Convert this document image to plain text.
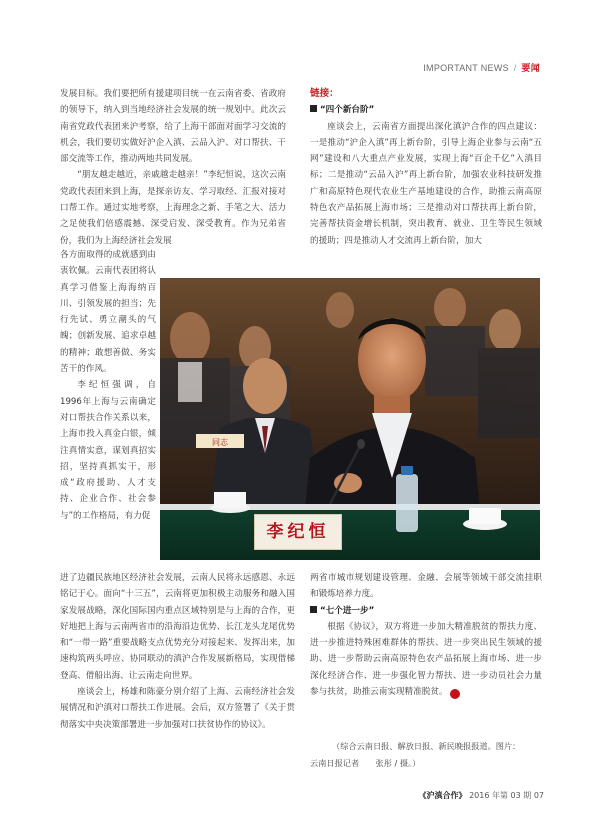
IMPORTANT NEWS / 要闻

发展目标。我们要把所有援建项目统一在云南省委、省政府的领导下，纳入到当地经济社会发展的统一规划中。此次云南省党政代表团来沪考察，给了上海干部面对面学习交流的机会，我们要切实做好沪企入滇、云品入沪、对口帮扶、干部交流等工作，推动两地共同发展。

“朋友越走越近，亲戚越走越亲！”李纪恒说，这次云南党政代表团来到上海，是探亲访友、学习取经、汇报对接对口帮工作。通过实地考察，上海理念之新、手笔之大、活力之足使我们倍感震撼、深受启发、深受教育。作为兄弟省份，我们为上海经济社会发展

各方面取得的成就感到由衷钦佩。云南代表团将认真学习借鉴上海海纳百川、引领发展的担当；先行先试、勇立潮头的气魄；创新发展、追求卓越的精神；敢想善做、务实苦干的作风。

李纪恒强调，自1996年上海与云南确定对口帮扶合作关系以来，上海市投入真金白银，倾注真情实意，谋划真招实招，坚持真抓实干，形成“政府援助、人才支持、企业合作、社会参与”的工作格局，有力促

进了边疆民族地区经济社会发展，云南人民将永远感恩、永远铭记于心。面向“十三五”，云南将更加积极主动服务和融入国家发展战略，深化国际国内重点区域特别是与上海的合作，更好地把上海与云南两省市的沿海沿边优势、长江龙头龙尾优势和“一带一路”重要战略支点优势充分对接起来、发挥出来，加速构筑两头呼应、协同联动的滇沪合作发展新格局，实现借梯登高、借船出海、让云南走向世界。

座谈会上，杨雄和陈豪分别介绍了上海、云南经济社会发展情况和沪滇对口帮扶工作进展。会后，双方签署了《关于贯彻落实中央决策部署进一步加强对口扶贫协作的协议》。

链接：

“四个新台阶”

座谈会上，云南省方面提出深化滇沪合作的四点建议：一是推动“沪企入滇”再上新台阶，引导上海企业参与云南“五网”建设和八大重点产业发展，实现上海“百企千亿”入滇目标；二是推动“云品入沪”再上新台阶，加强农业科技研发推广和高原特色现代农业生产基地建设的合作，助推云南高原特色农产品拓展上海市场；三是推动对口帮扶再上新台阶，完善帮扶资金增长机制，突出教育、就业、卫生等民生领域的援助；四是推动人才交流再上新台阶，加大

两省市城市规划建设管理、金融、会展等领域干部交流挂职和锻炼培养力度。

“七个进一步”

根据《协议》，双方将进一步加大精准脱贫的帮扶力度、进一步推进特殊困难群体的帮扶、进一步突出民生领域的援助、进一步帮助云南高原特色农产品拓展上海市场、进一步深化经济合作、进一步强化智力帮扶、进一步动员社会力量参与扶贫，助推云南实现精准脱贫。	H

（综合云南日报、解放日报、新民晚报报道。图片：
云南日报记者　　张彤 / 摄。）
同志
李纪恒
《沪滇合作》 2016 年第 03 期 07
